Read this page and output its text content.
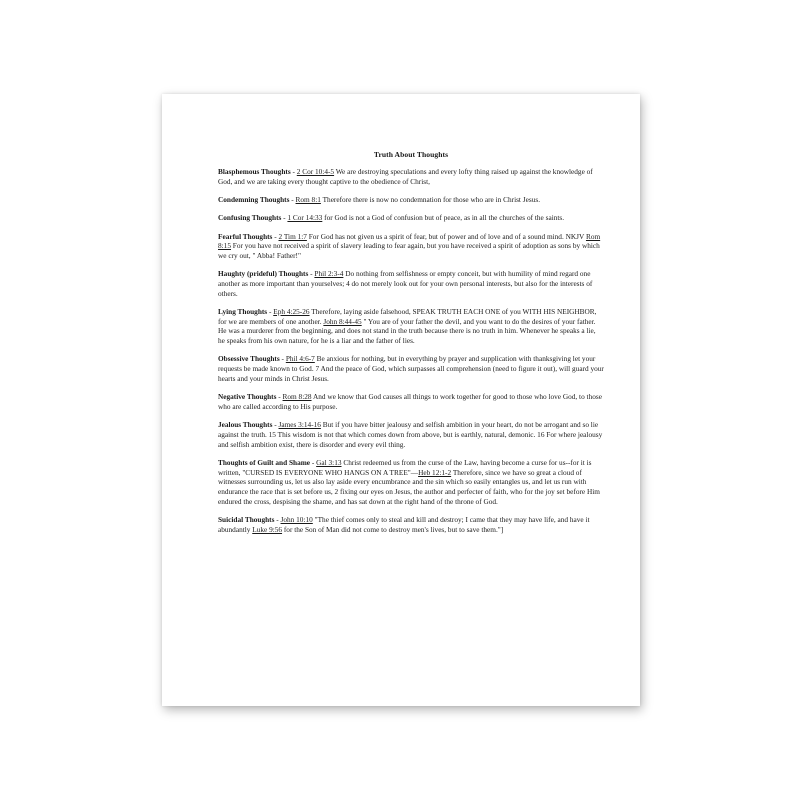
Truth About Thoughts

Blasphemous Thoughts - 2 Cor 10:4-5 We are destroying speculations and every lofty thing raised up against the knowledge of God, and we are taking every thought captive to the obedience of Christ,

Condemning Thoughts - Rom 8:1 Therefore there is now no condemnation for those who are in Christ Jesus.

Confusing Thoughts - 1 Cor 14:33 for God is not a God of confusion but of peace, as in all the churches of the saints.

Fearful Thoughts - 2 Tim 1:7 For God has not given us a spirit of fear, but of power and of love and of a sound mind. NKJV Rom 8:15 For you have not received a spirit of slavery leading to fear again, but you have received a spirit of adoption as sons by which we cry out, " Abba! Father!"

Haughty (prideful) Thoughts - Phil 2:3-4 Do nothing from selfishness or empty conceit, but with humility of mind regard one another as more important than yourselves; 4 do not merely look out for your own personal interests, but also for the interests of others.

Lying Thoughts - Eph 4:25-26 Therefore, laying aside falsehood, SPEAK TRUTH EACH ONE of you WITH HIS NEIGHBOR, for we are members of one another. John 8:44-45 " You are of your father the devil, and you want to do the desires of your father. He was a murderer from the beginning, and does not stand in the truth because there is no truth in him. Whenever he speaks a lie, he speaks from his own nature, for he is a liar and the father of lies.

Obsessive Thoughts - Phil 4:6-7 Be anxious for nothing, but in everything by prayer and supplication with thanksgiving let your requests be made known to God. 7 And the peace of God, which surpasses all comprehension (need to figure it out), will guard your hearts and your minds in Christ Jesus.

Negative Thoughts - Rom 8:28 And we know that God causes all things to work together for good to those who love God, to those who are called according to His purpose.

Jealous Thoughts - James 3:14-16 But if you have bitter jealousy and selfish ambition in your heart, do not be arrogant and so lie against the truth. 15 This wisdom is not that which comes down from above, but is earthly, natural, demonic. 16 For where jealousy and selfish ambition exist, there is disorder and every evil thing.

Thoughts of Guilt and Shame - Gal 3:13 Christ redeemed us from the curse of the Law, having become a curse for us--for it is written, "CURSED IS EVERYONE WHO HANGS ON A TREE"—Heb 12:1-2 Therefore, since we have so great a cloud of witnesses surrounding us, let us also lay aside every encumbrance and the sin which so easily entangles us, and let us run with endurance the race that is set before us, 2 fixing our eyes on Jesus, the author and perfecter of faith, who for the joy set before Him endured the cross, despising the shame, and has sat down at the right hand of the throne of God.

Suicidal Thoughts - John 10:10 "The thief comes only to steal and kill and destroy; I came that they may have life, and have it abundantly Luke 9:56 for the Son of Man did not come to destroy men's lives, but to save them."]
